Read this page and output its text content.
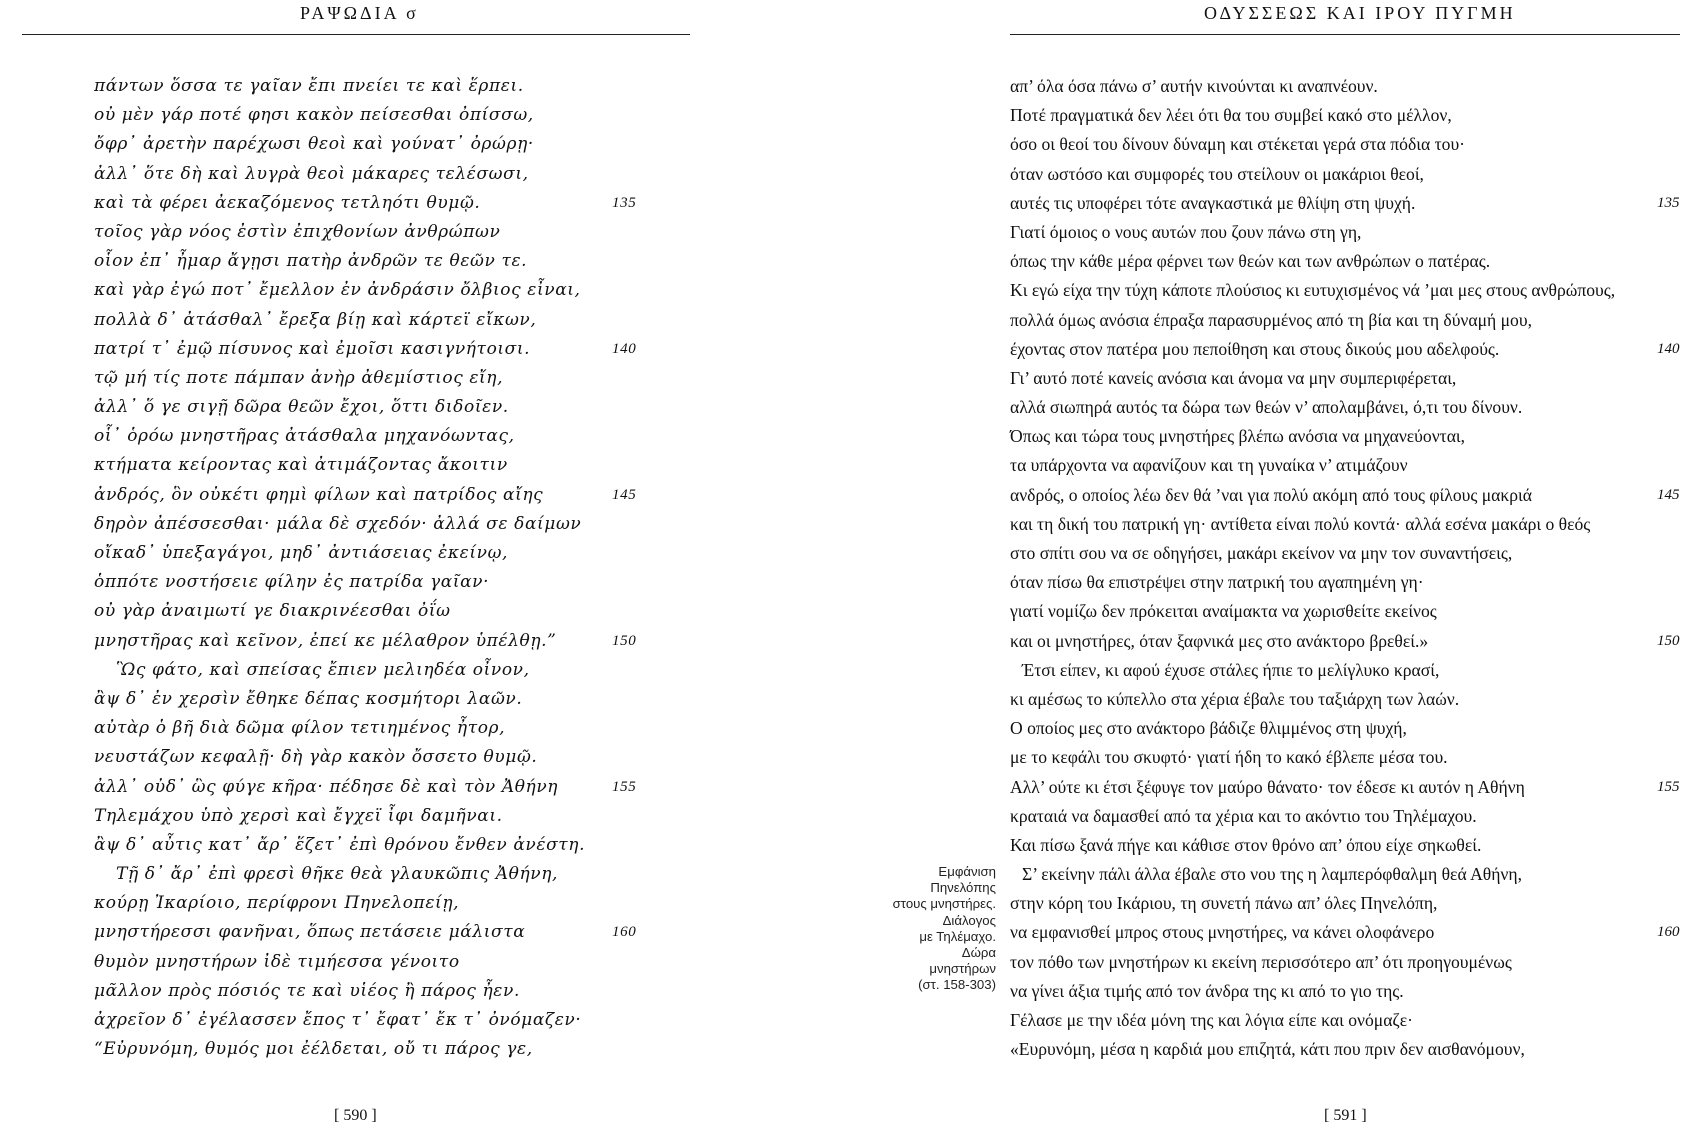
ΡΑΨΩΔΙΑ σ
πάντων ὅσσα τε γαῖαν ἔπι πνείει τε καὶ ἕρπει.
οὐ μὲν γάρ ποτέ φησι κακὸν πείσεσθαι ὀπίσσω,
ὄφρ᾽ ἀρετὴν παρέχωσι θεοὶ καὶ γούνατ᾽ ὀρώρῃ·
ἀλλ᾽ ὅτε δὴ καὶ λυγρὰ θεοὶ μάκαρες τελέσωσι,
καὶ τὰ φέρει ἀεκαζόμενος τετληότι θυμῷ.	135
τοῖος γὰρ νόος ἐστὶν ἐπιχθονίων ἀνθρώπων
οἷον ἐπ᾽ ἦμαρ ἄγῃσι πατὴρ ἀνδρῶν τε θεῶν τε.
καὶ γὰρ ἐγώ ποτ᾽ ἔμελλον ἐν ἀνδράσιν ὄλβιος εἶναι,
πολλὰ δ᾽ ἀτάσθαλ᾽ ἔρεξα βίῃ καὶ κάρτεϊ εἴκων,
πατρί τ᾽ ἐμῷ πίσυνος καὶ ἐμοῖσι κασιγνήτοισι.	140
τῷ μή τίς ποτε πάμπαν ἀνὴρ ἀθεμίστιος εἴη,
ἀλλ᾽ ὅ γε σιγῇ δῶρα θεῶν ἔχοι, ὅττι διδοῖεν.
οἷ᾽ ὁρόω μνηστῆρας ἀτάσθαλα μηχανόωντας,
κτήματα κείροντας καὶ ἀτιμάζοντας ἄκοιτιν
ἀνδρός, ὃν οὐκέτι φημὶ φίλων καὶ πατρίδος αἴης	145
δηρὸν ἀπέσσεσθαι· μάλα δὲ σχεδόν· ἀλλά σε δαίμων
οἴκαδ᾽ ὑπεξαγάγοι, μηδ᾽ ἀντιάσειας ἐκείνῳ,
ὁππότε νοστήσειε φίλην ἐς πατρίδα γαῖαν·
οὐ γὰρ ἀναιμωτί γε διακρινέεσθαι ὀΐω
μνηστῆρας καὶ κεῖνον, ἐπεί κε μέλαθρον ὑπέλθῃ.”	150
Ὣς φάτο, καὶ σπείσας ἔπιεν μελιηδέα οἶνον,
ἂψ δ᾽ ἐν χερσὶν ἔθηκε δέπας κοσμήτορι λαῶν.
αὐτὰρ ὁ βῆ διὰ δῶμα φίλον τετιημένος ἦτορ,
νευστάζων κεφαλῇ· δὴ γὰρ κακὸν ὄσσετο θυμῷ.
ἀλλ᾽ οὐδ᾽ ὣς φύγε κῆρα· πέδησε δὲ καὶ τὸν Ἀθήνη	155
Τηλεμάχου ὑπὸ χερσὶ καὶ ἔγχεϊ ἶφι δαμῆναι.
ἂψ δ᾽ αὖτις κατ᾽ ἄρ᾽ ἕζετ᾽ ἐπὶ θρόνου ἔνθεν ἀνέστη.
Τῇ δ᾽ ἄρ᾽ ἐπὶ φρεσὶ θῆκε θεὰ γλαυκῶπις Ἀθήνη,
κούρῃ Ἰκαρίοιο, περίφρονι Πηνελοπείῃ,
μνηστήρεσσι φανῆναι, ὅπως πετάσειε μάλιστα	160
θυμὸν μνηστήρων ἰδὲ τιμήεσσα γένοιτο
μᾶλλον πρὸς πόσιός τε καὶ υἱέος ἢ πάρος ἦεν.
ἀχρεῖον δ᾽ ἐγέλασσεν ἔπος τ᾽ ἔφατ᾽ ἔκ τ᾽ ὀνόμαζεν·
“Εὐρυνόμη, θυμός μοι ἐέλδεται, οὔ τι πάρος γε,
[ 590 ]
Εμφάνιση
Πηνελόπης
στους μνηστήρες.
Διάλογος
με Τηλέμαχο.
Δώρα
μνηστήρων
(στ. 158-303)
ΟΔΥΣΣΕΩΣ ΚΑΙ ΙΡΟΥ ΠΥΓΜΗ
απ’ όλα όσα πάνω σ’ αυτήν κινούνται κι αναπνέουν.
Ποτέ πραγματικά δεν λέει ότι θα του συμβεί κακό στο μέλλον,
όσο οι θεοί του δίνουν δύναμη και στέκεται γερά στα πόδια του·
όταν ωστόσο και συμφορές του στείλουν οι μακάριοι θεοί,
αυτές τις υποφέρει τότε αναγκαστικά με θλίψη στη ψυχή.	135
Γιατί όμοιος ο νους αυτών που ζουν πάνω στη γη,
όπως την κάθε μέρα φέρνει των θεών και των ανθρώπων ο πατέρας.
Κι εγώ είχα την τύχη κάποτε πλούσιος κι ευτυχισμένος νά ’μαι μες στους ανθρώπους,
πολλά όμως ανόσια έπραξα παρασυρμένος από τη βία και τη δύναμή μου,
έχοντας στον πατέρα μου πεποίθηση και στους δικούς μου αδελφούς.	140
Γι’ αυτό ποτέ κανείς ανόσια και άνομα να μην συμπεριφέρεται,
αλλά σιωπηρά αυτός τα δώρα των θεών ν’ απολαμβάνει, ό,τι του δίνουν.
Όπως και τώρα τους μνηστήρες βλέπω ανόσια να μηχανεύονται,
τα υπάρχοντα να αφανίζουν και τη γυναίκα ν’ ατιμάζουν
ανδρός, ο οποίος λέω δεν θά ’ναι για πολύ ακόμη από τους φίλους μακριά	145
και τη δική του πατρική γη· αντίθετα είναι πολύ κοντά· αλλά εσένα μακάρι ο θεός
στο σπίτι σου να σε οδηγήσει, μακάρι εκείνον να μην τον συναντήσεις,
όταν πίσω θα επιστρέψει στην πατρική του αγαπημένη γη·
γιατί νομίζω δεν πρόκειται αναίμακτα να χωρισθείτε εκείνος
και οι μνηστήρες, όταν ξαφνικά μες στο ανάκτορο βρεθεί.»	150
Έτσι είπεν, κι αφού έχυσε στάλες ήπιε το μελίγλυκο κρασί,
κι αμέσως το κύπελλο στα χέρια έβαλε του ταξιάρχη των λαών.
Ο οποίος μες στο ανάκτορο βάδιζε θλιμμένος στη ψυχή,
με το κεφάλι του σκυφτό· γιατί ήδη το κακό έβλεπε μέσα του.
Αλλ’ ούτε κι έτσι ξέφυγε τον μαύρο θάνατο· τον έδεσε κι αυτόν η Αθήνη	155
κραταιά να δαμασθεί από τα χέρια και το ακόντιο του Τηλέμαχου.
Και πίσω ξανά πήγε και κάθισε στον θρόνο απ’ όπου είχε σηκωθεί.
Σ’ εκείνην πάλι άλλα έβαλε στο νου της η λαμπερόφθαλμη θεά Αθήνη,
στην κόρη του Ικάριου, τη συνετή πάνω απ’ όλες Πηνελόπη,
να εμφανισθεί μπρος στους μνηστήρες, να κάνει ολοφάνερο	160
τον πόθο των μνηστήρων κι εκείνη περισσότερο απ’ ότι προηγουμένως
να γίνει άξια τιμής από τον άνδρα της κι από το γιο της.
Γέλασε με την ιδέα μόνη της και λόγια είπε και ονόμαζε·
«Ευρυνόμη, μέσα η καρδιά μου επιζητά, κάτι που πριν δεν αισθανόμουν,
[ 591 ]
